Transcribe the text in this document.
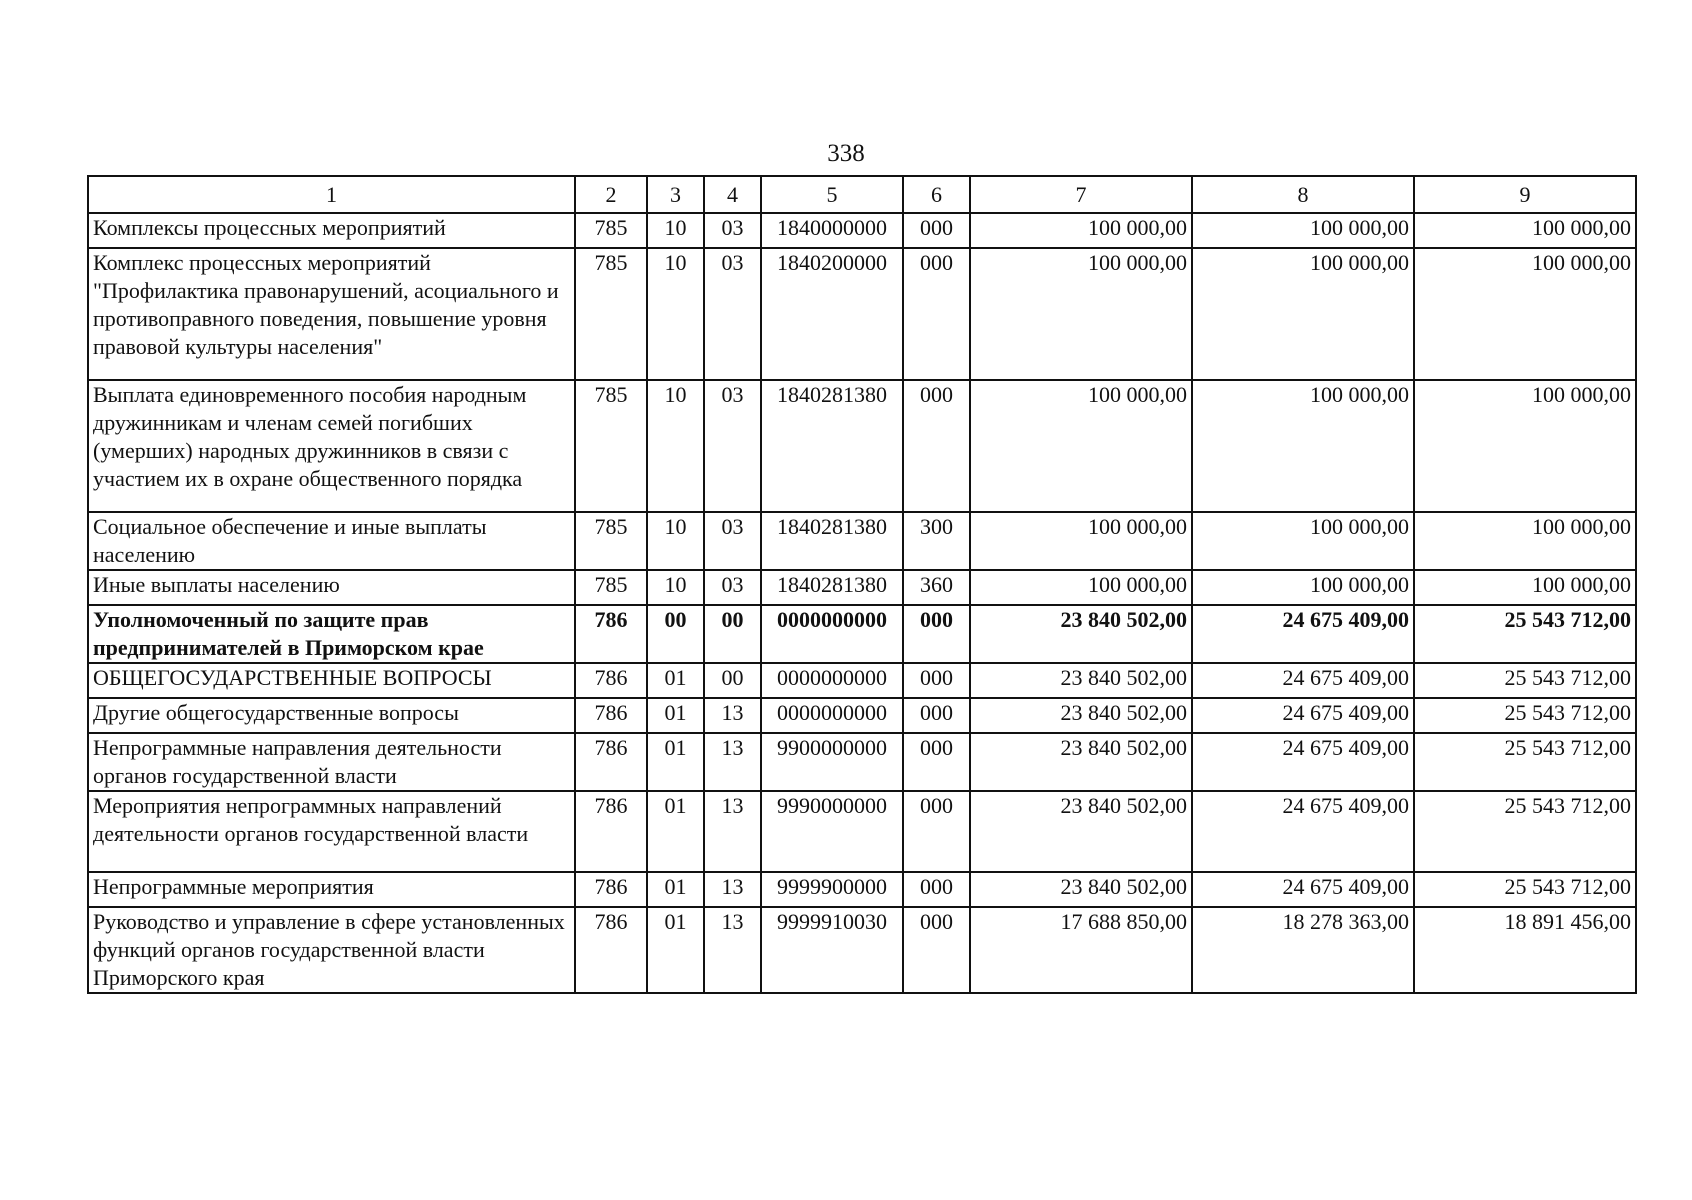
338
1	2	3	4	5	6	7	8	9
Комплексы процессных мероприятий	785	10	03	1840000000	000	100 000,00	100 000,00	100 000,00
Комплекс процессных мероприятий "Профилактика правонарушений, асоциального и противоправного поведения, повышение уровня правовой культуры населения"	785	10	03	1840200000	000	100 000,00	100 000,00	100 000,00
Выплата единовременного пособия народным дружинникам и членам семей погибших (умерших) народных дружинников в связи с участием их в охране общественного порядка	785	10	03	1840281380	000	100 000,00	100 000,00	100 000,00
Социальное обеспечение и иные выплаты населению	785	10	03	1840281380	300	100 000,00	100 000,00	100 000,00
Иные выплаты населению	785	10	03	1840281380	360	100 000,00	100 000,00	100 000,00
Уполномоченный по защите прав предпринимателей в Приморском крае	786	00	00	0000000000	000	23 840 502,00	24 675 409,00	25 543 712,00
ОБЩЕГОСУДАРСТВЕННЫЕ ВОПРОСЫ	786	01	00	0000000000	000	23 840 502,00	24 675 409,00	25 543 712,00
Другие общегосударственные вопросы	786	01	13	0000000000	000	23 840 502,00	24 675 409,00	25 543 712,00
Непрограммные направления деятельности органов государственной власти	786	01	13	9900000000	000	23 840 502,00	24 675 409,00	25 543 712,00
Мероприятия непрограммных направлений деятельности органов государственной власти	786	01	13	9990000000	000	23 840 502,00	24 675 409,00	25 543 712,00
Непрограммные мероприятия	786	01	13	9999900000	000	23 840 502,00	24 675 409,00	25 543 712,00
Руководство и управление в сфере установленных функций органов государственной власти Приморского края	786	01	13	9999910030	000	17 688 850,00	18 278 363,00	18 891 456,00
